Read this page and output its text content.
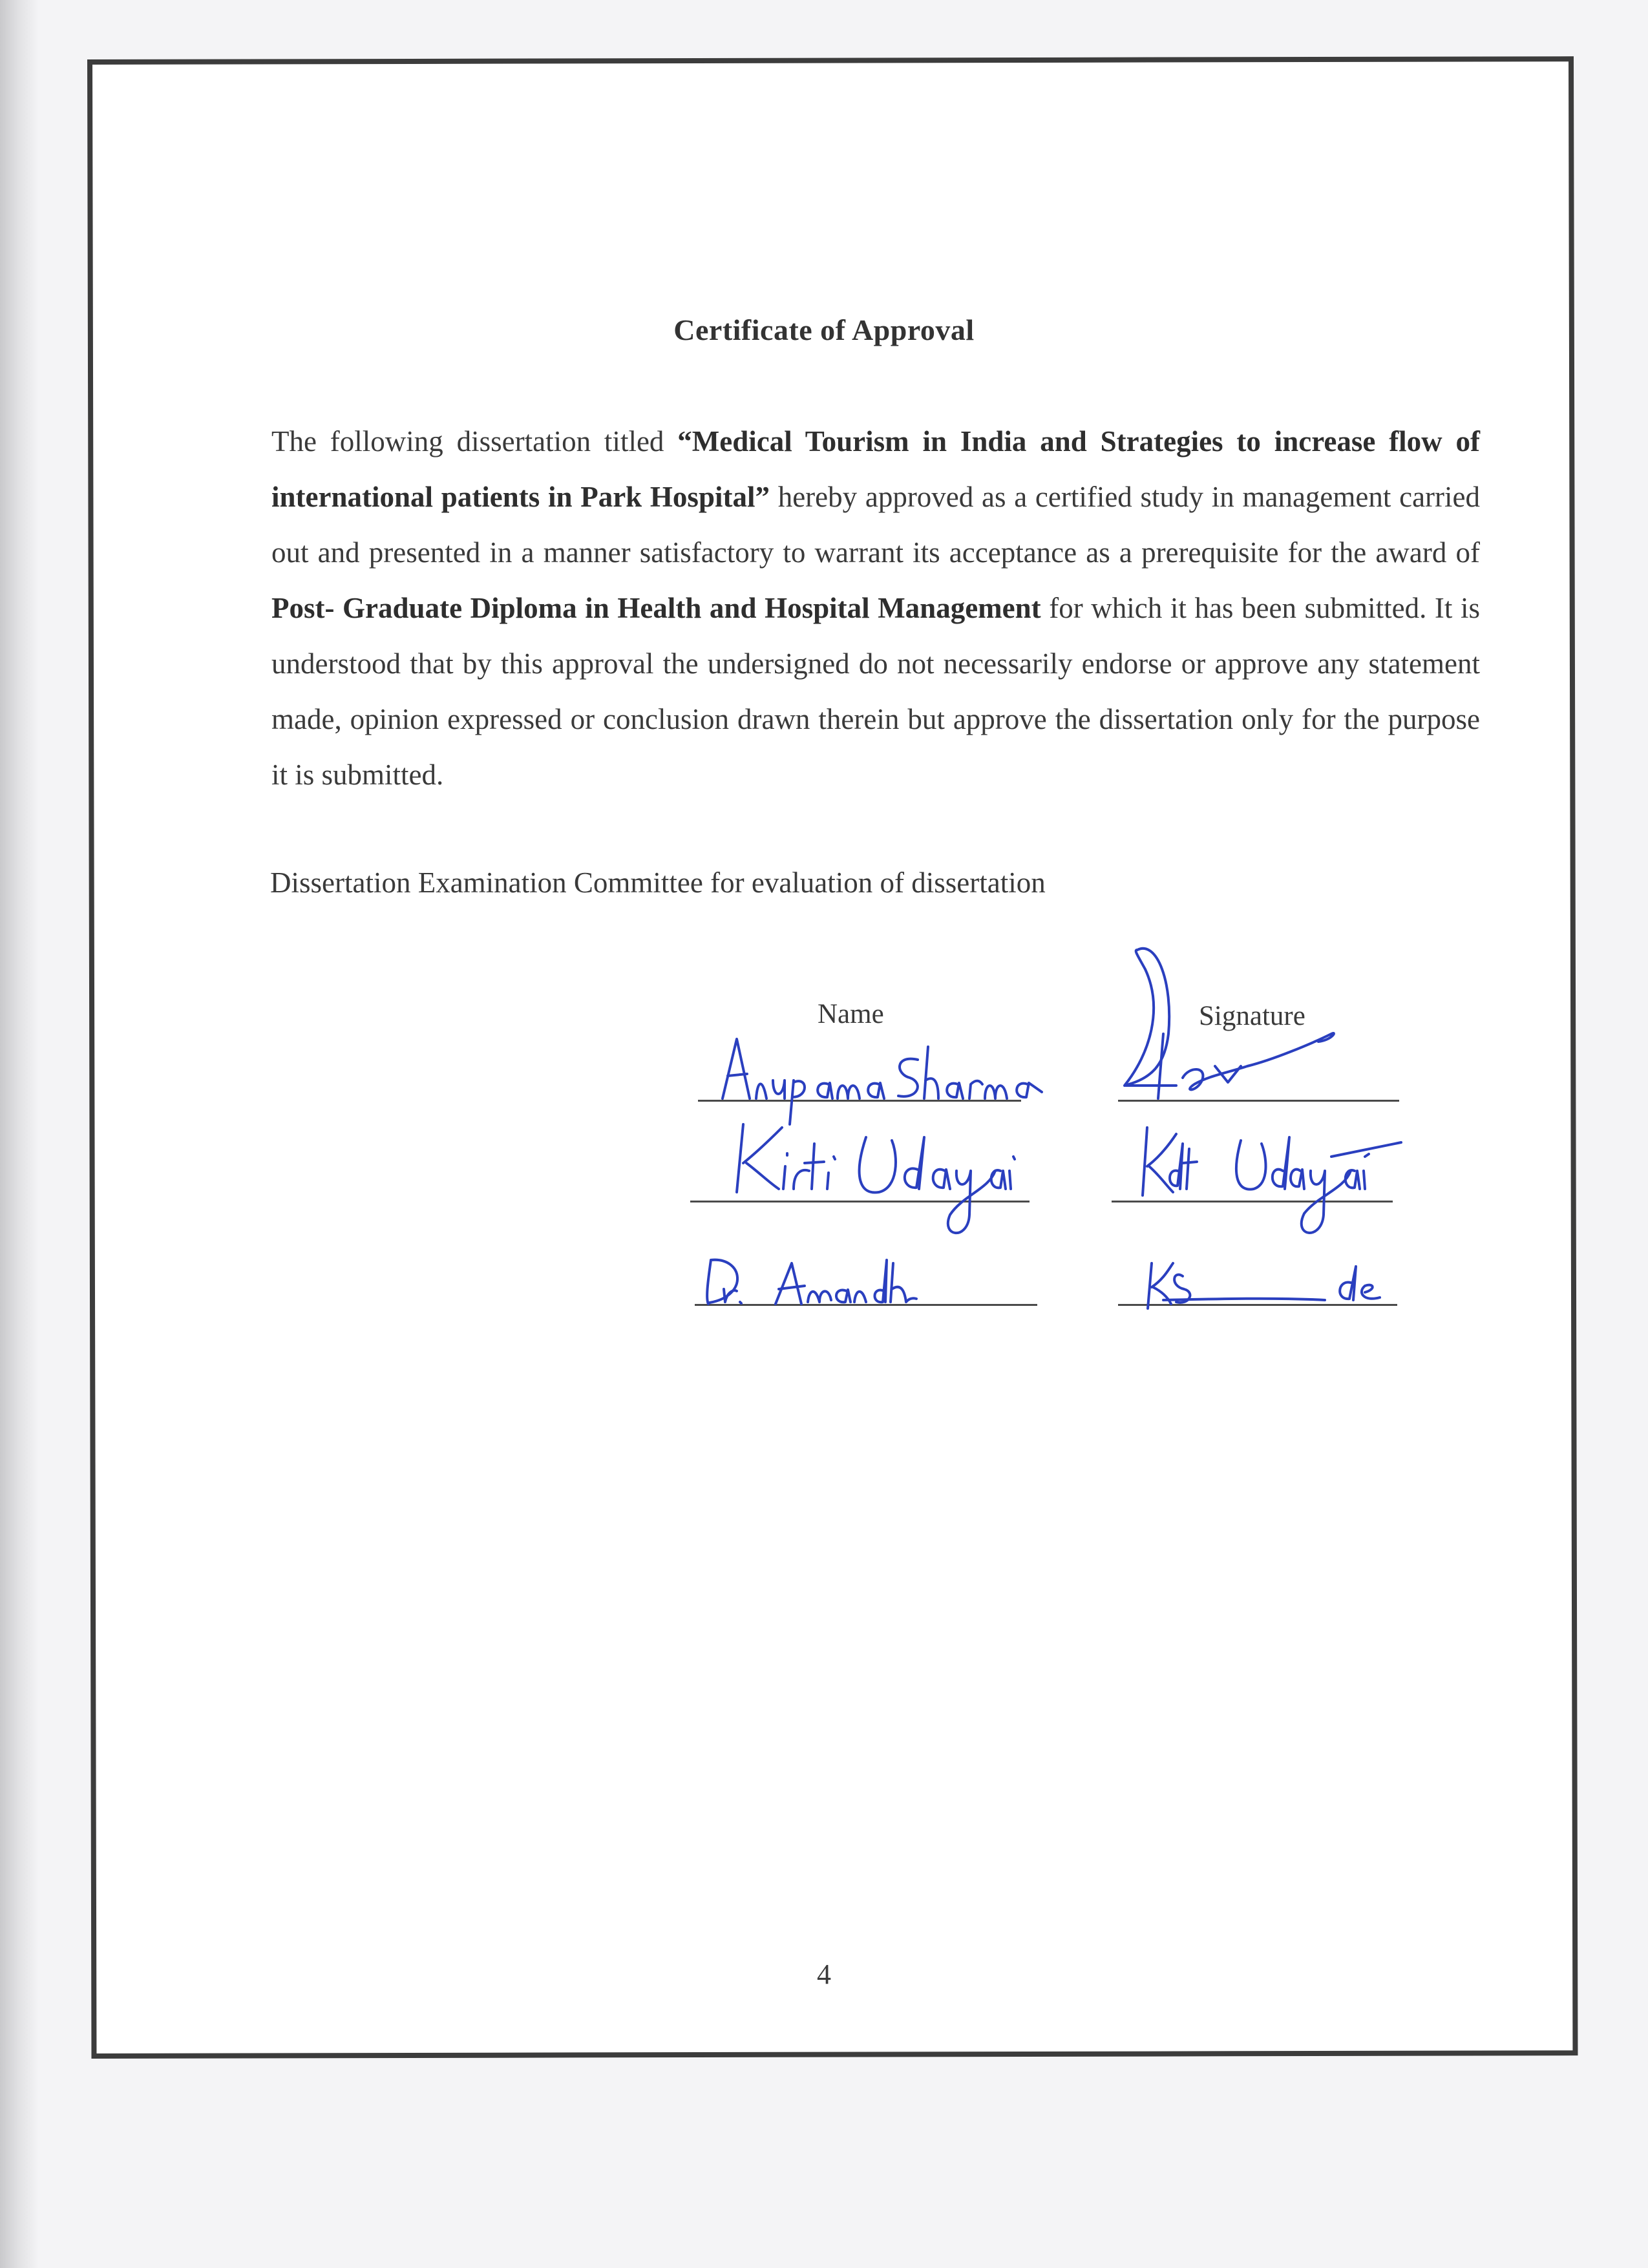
Certificate of Approval
The following dissertation titled “Medical Tourism in India and Strategies to increase flow of international patients in Park Hospital” hereby approved as a certified study in management carried out and presented in a manner satisfactory to warrant its acceptance as a prerequisite for the award of Post- Graduate Diploma in Health and Hospital Management for which it has been submitted. It is understood that by this approval the undersigned do not necessarily endorse or approve any statement made, opinion expressed or conclusion drawn therein but approve the dissertation only for the purpose it is submitted.
Dissertation Examination Committee for evaluation of dissertation
Name	Signature
4
